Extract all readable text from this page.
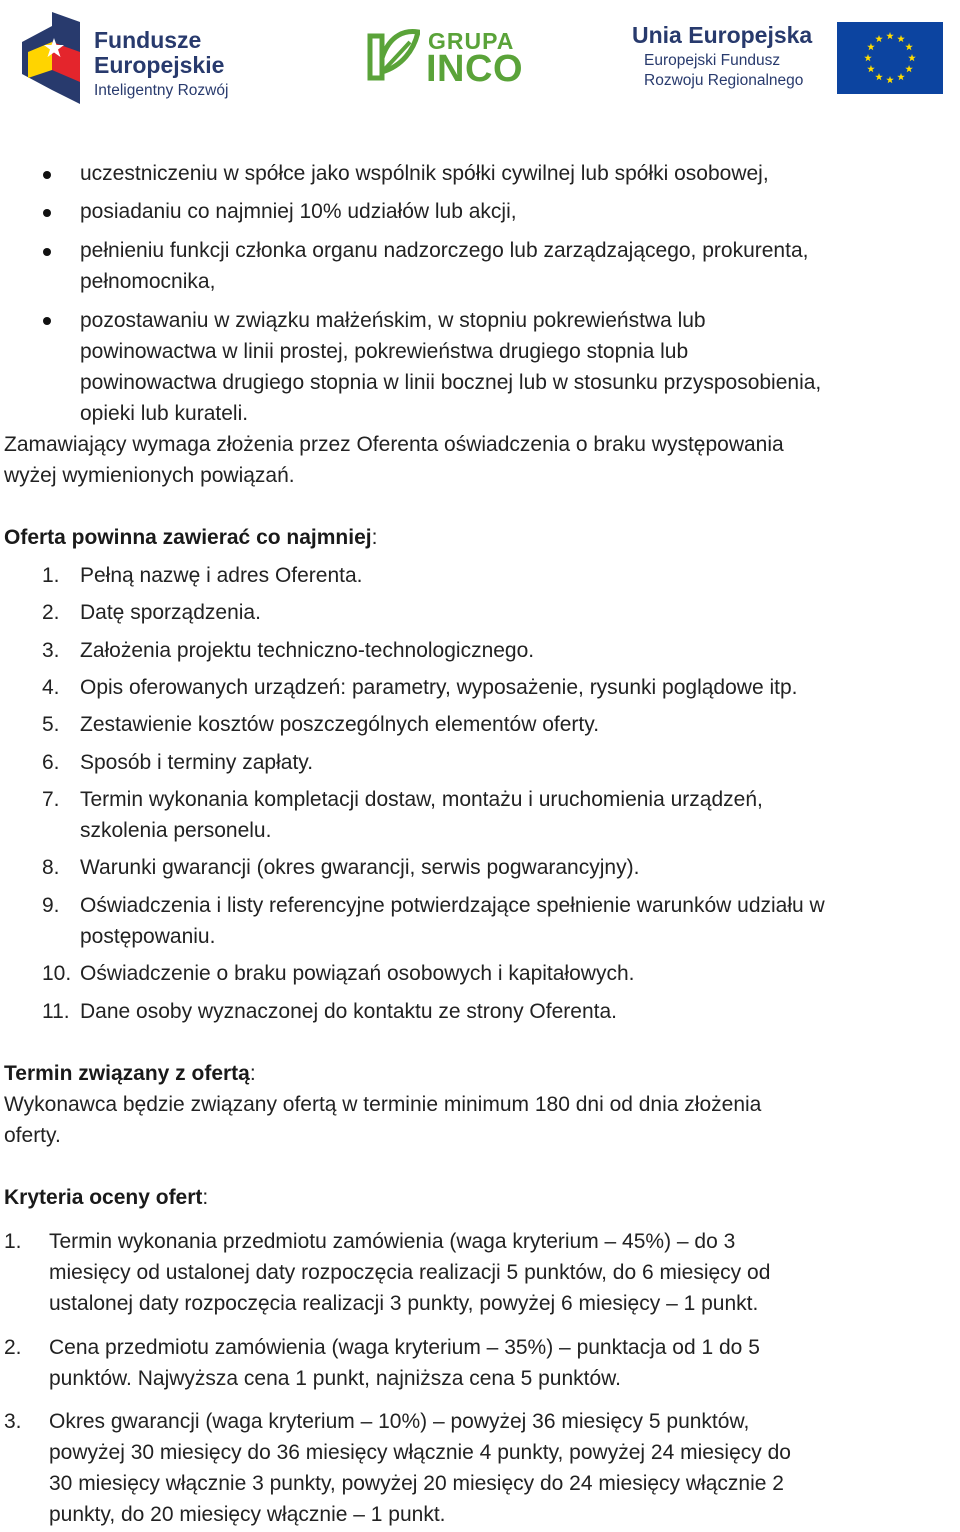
Fundusze
Europejskie
Inteligentny Rozwój
GRUPA
INCO
Unia Europejska
Europejski Fundusz
Rozwoju Regionalnego
uczestniczeniu w spółce jako wspólnik spółki cywilnej lub spółki osobowej,
posiadaniu co najmniej 10% udziałów lub akcji,
pełnieniu funkcji członka organu nadzorczego lub zarządzającego, prokurenta,
pełnomocnika,
pozostawaniu w związku małżeńskim, w stopniu pokrewieństwa lub
powinowactwa w linii prostej, pokrewieństwa drugiego stopnia lub
powinowactwa drugiego stopnia w linii bocznej lub w stosunku przysposobienia,
opieki lub kurateli.
Zamawiający wymaga złożenia przez Oferenta oświadczenia o braku występowania
wyżej wymienionych powiązań.
Oferta powinna zawierać co najmniej:
1. Pełną nazwę i adres Oferenta.
2. Datę sporządzenia.
3. Założenia projektu techniczno-technologicznego.
4. Opis oferowanych urządzeń: parametry, wyposażenie, rysunki poglądowe itp.
5. Zestawienie kosztów poszczególnych elementów oferty.
6. Sposób i terminy zapłaty.
7. Termin wykonania kompletacji dostaw, montażu i uruchomienia urządzeń,
szkolenia personelu.
8. Warunki gwarancji (okres gwarancji, serwis pogwarancyjny).
9. Oświadczenia i listy referencyjne potwierdzające spełnienie warunków udziału w
postępowaniu.
10. Oświadczenie o braku powiązań osobowych i kapitałowych.
11. Dane osoby wyznaczonej do kontaktu ze strony Oferenta.
Termin związany z ofertą:
Wykonawca będzie związany ofertą w terminie minimum 180 dni od dnia złożenia
oferty.
Kryteria oceny ofert:
1. Termin wykonania przedmiotu zamówienia (waga kryterium – 45%) – do 3
miesięcy od ustalonej daty rozpoczęcia realizacji 5 punktów, do 6 miesięcy od
ustalonej daty rozpoczęcia realizacji 3 punkty, powyżej 6 miesięcy – 1 punkt.
2. Cena przedmiotu zamówienia (waga kryterium – 35%) – punktacja od 1 do 5
punktów. Najwyższa cena 1 punkt, najniższa cena 5 punktów.
3. Okres gwarancji (waga kryterium – 10%) – powyżej 36 miesięcy 5 punktów,
powyżej 30 miesięcy do 36 miesięcy włącznie 4 punkty, powyżej 24 miesięcy do
30 miesięcy włącznie 3 punkty, powyżej 20 miesięcy do 24 miesięcy włącznie 2
punkty, do 20 miesięcy włącznie – 1 punkt.
